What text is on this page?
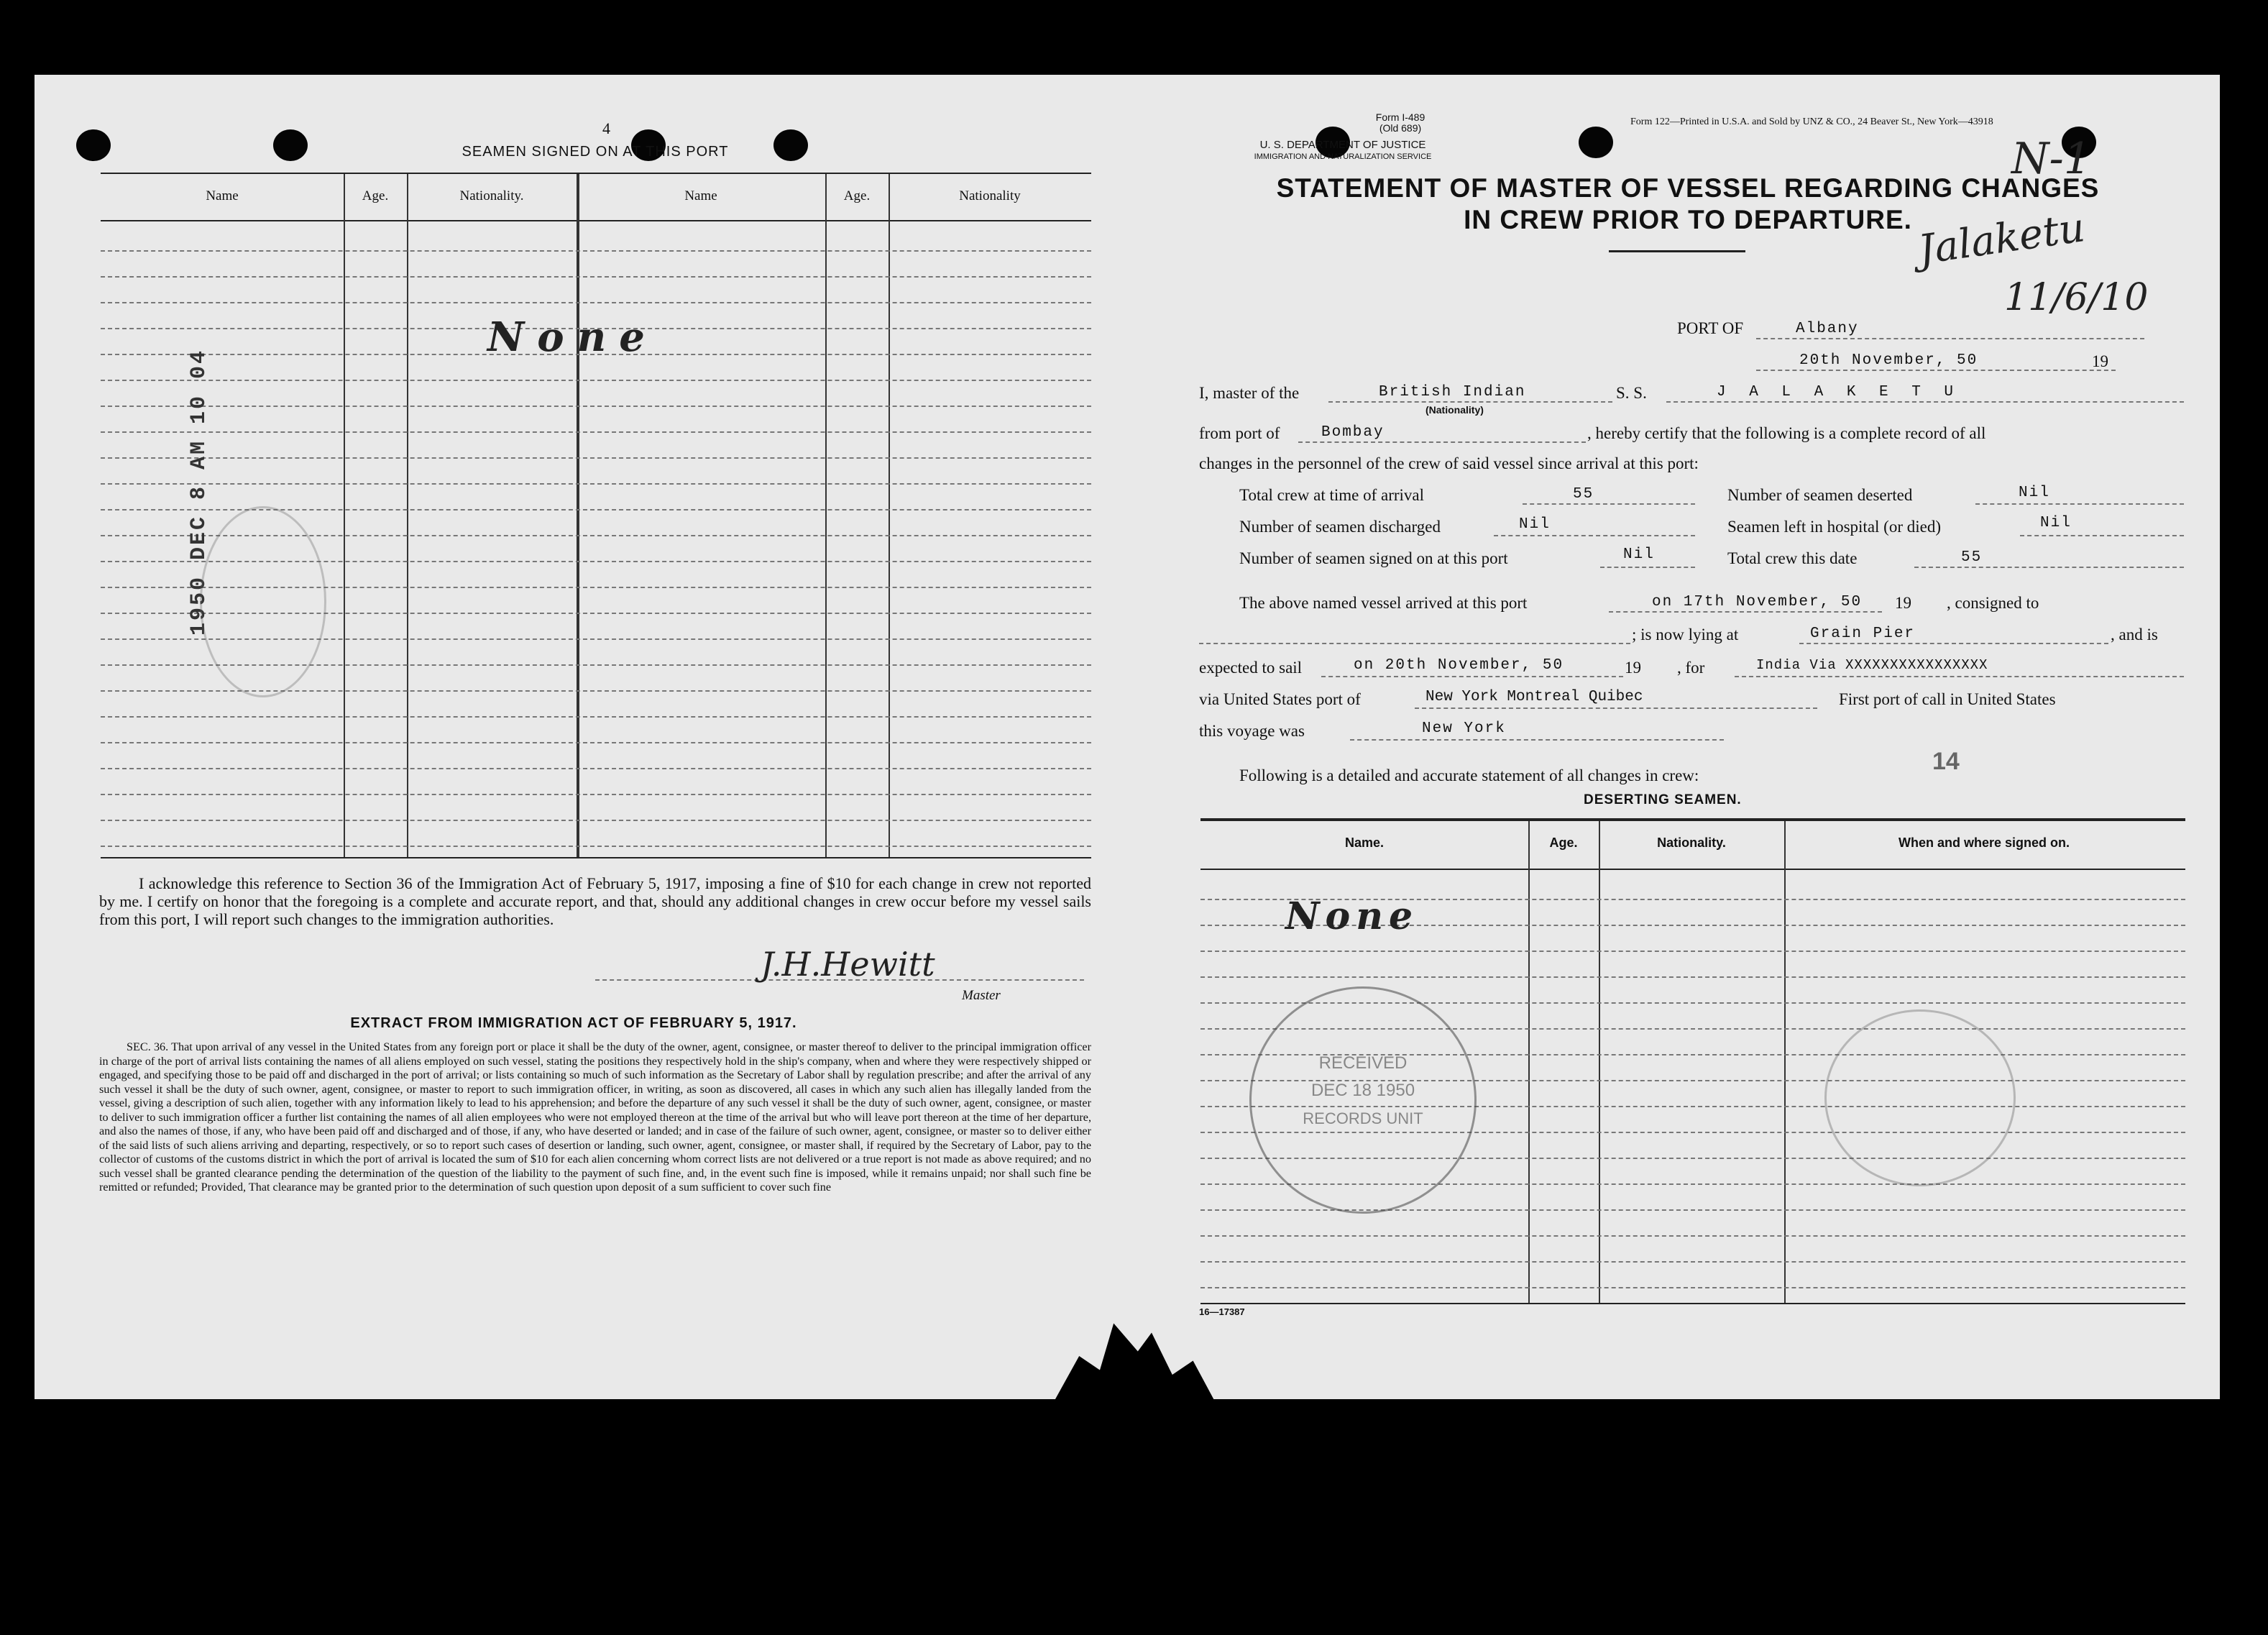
4
SEAMEN SIGNED ON AT THIS PORT
Name	Age.	Nationality.	Name	Age.	Nationality
None
1950 DEC 8 AM 10 04
I acknowledge this reference to Section 36 of the Immigration Act of February 5, 1917, imposing a fine of $10 for each change in crew not reported by me. I certify on honor that the foregoing is a complete and accurate report, and that, should any additional changes in crew occur before my vessel sails from this port, I will report such changes to the immigration authorities.
J.H.Hewitt
Master
EXTRACT FROM IMMIGRATION ACT OF FEBRUARY 5, 1917.
SEC. 36. That upon arrival of any vessel in the United States from any foreign port or place it shall be the duty of the owner, agent, consignee, or master thereof to deliver to the principal immigration officer in charge of the port of arrival lists containing the names of all aliens employed on such vessel, stating the positions they respectively hold in the ship's company, when and where they were respectively shipped or engaged, and specifying those to be paid off and discharged in the port of arrival; or lists containing so much of such information as the Secretary of Labor shall by regulation prescribe; and after the arrival of any such vessel it shall be the duty of such owner, agent, consignee, or master to report to such immigration officer, in writing, as soon as discovered, all cases in which any such alien has illegally landed from the vessel, giving a description of such alien, together with any information likely to lead to his apprehension; and before the departure of any such vessel it shall be the duty of such owner, agent, consignee, or master to deliver to such immigration officer a further list containing the names of all alien employees who were not employed thereon at the time of the arrival but who will leave port thereon at the time of her departure, and also the names of those, if any, who have been paid off and discharged and of those, if any, who have deserted or landed; and in case of the failure of such owner, agent, consignee, or master so to deliver either of the said lists of such aliens arriving and departing, respectively, or so to report such cases of desertion or landing, such owner, agent, consignee, or master shall, if required by the Secretary of Labor, pay to the collector of customs of the customs district in which the port of arrival is located the sum of $10 for each alien concerning whom correct lists are not delivered or a true report is not made as above required; and no such vessel shall be granted clearance pending the determination of the question of the liability to the payment of such fine, and, in the event such fine is imposed, while it remains unpaid; nor shall such fine be remitted or refunded; Provided, That clearance may be granted prior to the determination of such question upon deposit of a sum sufficient to cover such fine
Form I-489
(Old 689)
Form 122—Printed in U.S.A. and Sold by UNZ & CO., 24 Beaver St., New York—43918
U. S. DEPARTMENT OF JUSTICE
IMMIGRATION AND NATURALIZATION SERVICE
STATEMENT OF MASTER OF VESSEL REGARDING CHANGES
IN CREW PRIOR TO DEPARTURE. Jalaketu
11/6/10
N-1
PORT OF	Albany
20th November, 50	19
I, master of the	British Indian
(Nationality)
S. S.	J A L A K E T U
from port of	Bombay	, hereby certify that the following is a complete record of all
changes in the personnel of the crew of said vessel since arrival at this port:
Total crew at time of arrival	55	Number of seamen deserted	Nil
Number of seamen discharged	Nil	Seamen left in hospital (or died)	Nil
Number of seamen signed on at this port	Nil	Total crew this date	55
The above named vessel arrived at this port	on 17th November, 50 19 , consigned to
; is now lying at	Grain Pier	, and is
expected to sail	on 20th November, 50	19 , for	India Via XXXXXXXXXXXXXXXX
via United States port of	New York Montreal Quibec	First port of call in United States
this voyage was	New York
Following is a detailed and accurate statement of all changes in crew:
14
DESERTING SEAMEN.
Name.	Age.	Nationality.	When and where signed on.
None
RECEIVED
DEC 18 1950
RECORDS UNIT
16—17387
